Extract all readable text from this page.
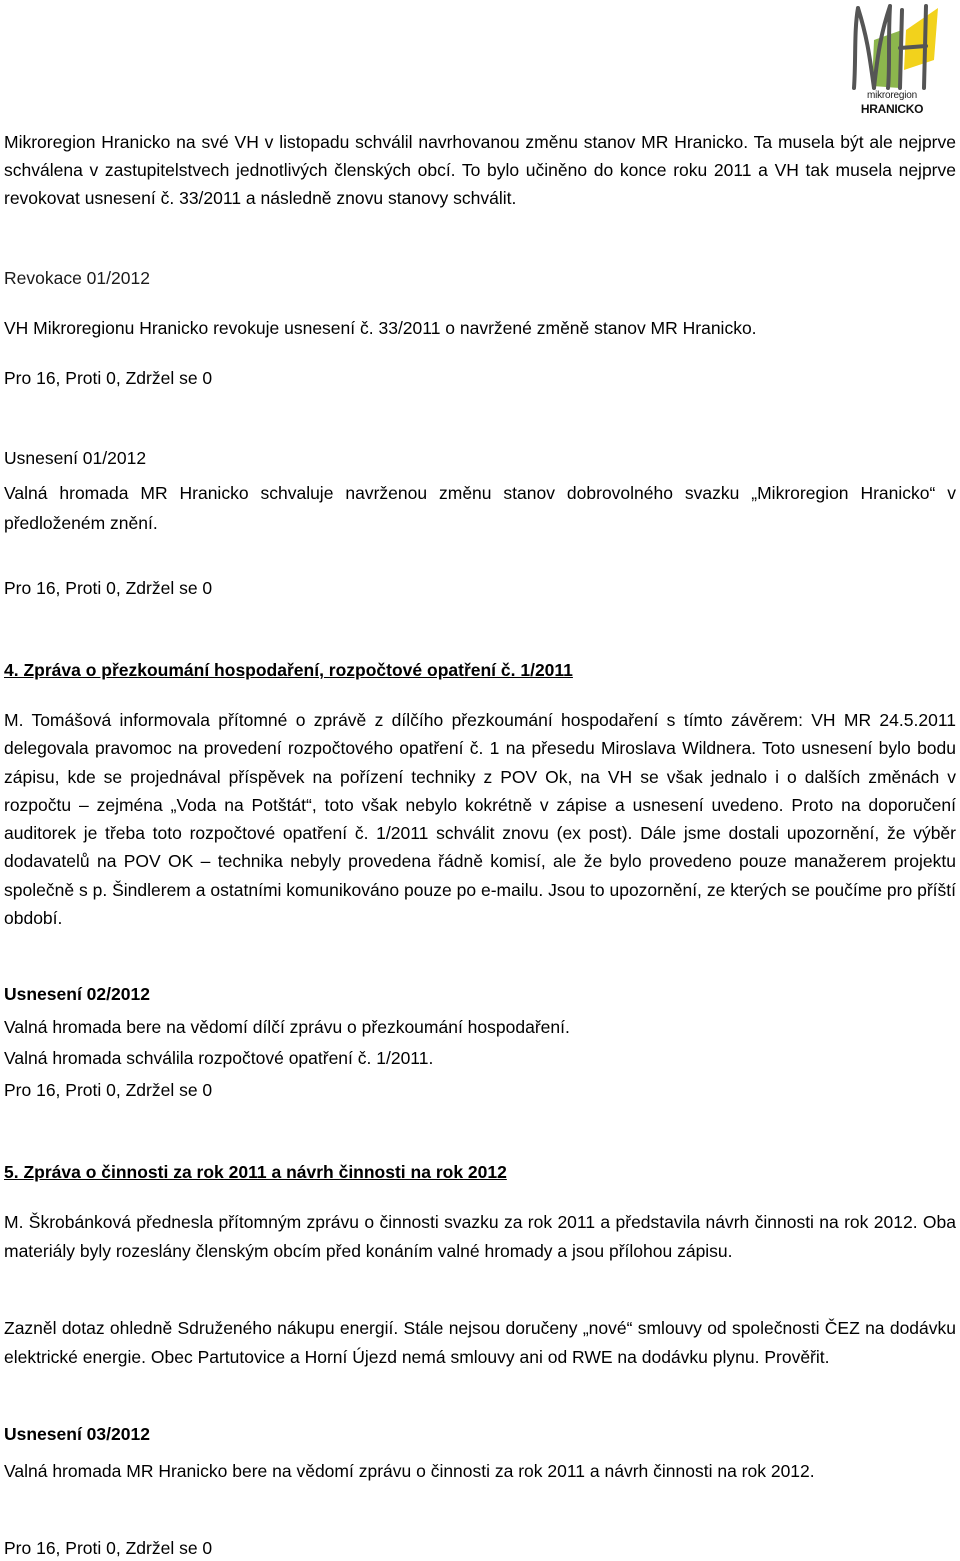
mikroregion
HRANICKO

Mikroregion Hranicko na své VH v listopadu schválil navrhovanou změnu stanov MR Hranicko. Ta musela být ale nejprve schválena v zastupitelstvech jednotlivých členských obcí. To bylo učiněno do konce roku 2011 a VH tak musela nejprve revokovat usnesení č. 33/2011 a následně znovu stanovy schválit.

Revokace 01/2012

VH Mikroregionu Hranicko revokuje usnesení č. 33/2011 o navržené změně stanov MR Hranicko.

Pro 16, Proti 0, Zdržel se 0

Usnesení 01/2012

Valná hromada MR Hranicko schvaluje navrženou změnu stanov dobrovolného svazku „Mikroregion Hranicko“ v předloženém znění.

Pro 16, Proti 0, Zdržel se 0

4. Zpráva o přezkoumání hospodaření, rozpočtové opatření č. 1/2011

M. Tomášová informovala přítomné o zprávě z dílčího přezkoumání hospodaření s tímto závěrem: VH MR 24.5.2011 delegovala pravomoc na provedení rozpočtového opatření č. 1 na přesedu Miroslava Wildnera. Toto usnesení bylo bodu zápisu, kde se projednával příspěvek na pořízení techniky z POV Ok, na VH se však jednalo i o dalších změnách v rozpočtu – zejména „Voda na Potštát“, toto však nebylo kokrétně v zápise a usnesení uvedeno. Proto na doporučení auditorek je třeba toto rozpočtové opatření č. 1/2011 schválit znovu (ex post). Dále jsme dostali upozornění, že výběr dodavatelů na POV OK – technika nebyly provedena řádně komisí, ale že bylo provedeno pouze manažerem projektu společně s p. Šindlerem a ostatními komunikováno pouze po e-mailu. Jsou to upozornění, ze kterých se poučíme pro příští období.

Usnesení 02/2012

Valná hromada bere na vědomí dílčí zprávu o přezkoumání hospodaření.

Valná hromada schválila rozpočtové opatření č. 1/2011.

Pro 16, Proti 0, Zdržel se 0

5. Zpráva o činnosti za rok 2011 a návrh činnosti na rok 2012

M. Škrobánková přednesla přítomným zprávu o činnosti svazku za rok 2011 a představila návrh činnosti na rok 2012. Oba materiály byly rozeslány členským obcím před konáním valné hromady a jsou přílohou zápisu.

Zazněl dotaz ohledně Sdruženého nákupu energií. Stále nejsou doručeny „nové“ smlouvy od společnosti ČEZ na dodávku elektrické energie. Obec Partutovice a Horní Újezd nemá smlouvy ani od RWE na dodávku plynu. Prověřit.

Usnesení 03/2012

Valná hromada MR Hranicko bere na vědomí zprávu o činnosti za rok 2011 a návrh činnosti na rok 2012.

Pro 16, Proti 0, Zdržel se 0
